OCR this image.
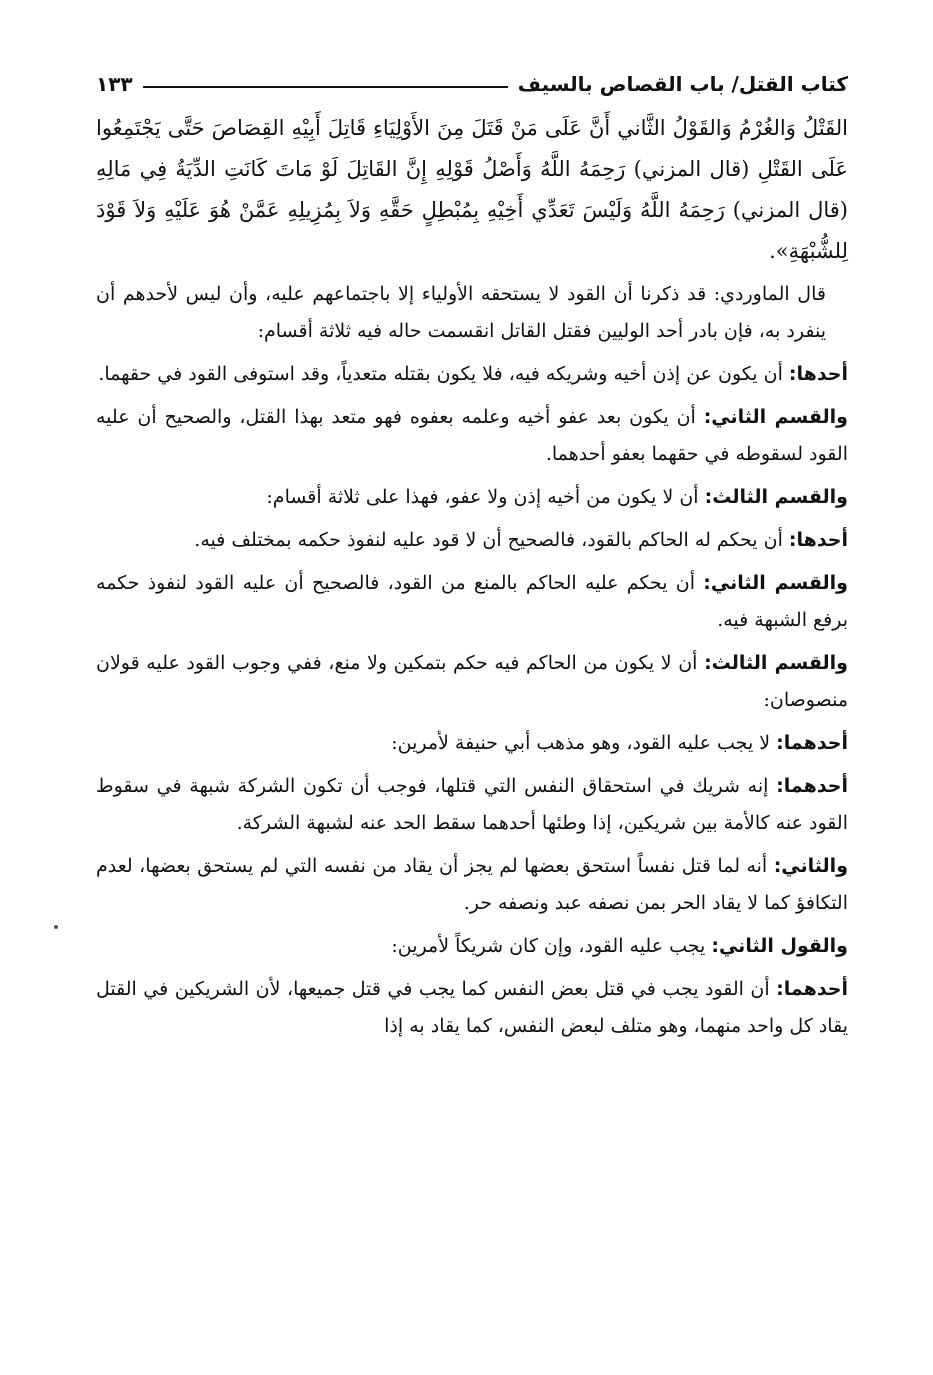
كتاب القتل/ باب القصاص بالسيف
١٣٣

القَتْلُ وَالغُرْمُ وَالقَوْلُ الثَّاني أَنَّ عَلَى مَنْ قَتَلَ مِنَ الأَوْلِيَاءِ قَاتِلَ أَبِيْهِ القِصَاصَ حَتَّى يَجْتَمِعُوا عَلَى القَتْلِ (قال المزني) رَحِمَهُ اللَّهُ وَأَصْلُ قَوْلِهِ إِنَّ القَاتِلَ لَوْ مَاتَ كَانَتِ الدِّيَةُ فِي مَالِهِ (قال المزني) رَحِمَهُ اللَّهُ وَلَيْسَ تَعَدِّي أَخِيْهِ بِمُبْطِلٍ حَقَّهِ وَلاَ بِمُزِيلِهِ عَمَّنْ هُوَ عَلَيْهِ وَلاَ قَوْدَ لِلشُّبْهَةِ».

قال الماوردي: قد ذكرنا أن القود لا يستحقه الأولياء إلا باجتماعهم عليه، وأن ليس لأحدهم أن ينفرد به، فإن بادر أحد الوليين فقتل القاتل انقسمت حاله فيه ثلاثة أقسام:

أحدها: أن يكون عن إذن أخيه وشريكه فيه، فلا يكون بقتله متعدياً، وقد استوفى القود في حقهما.

والقسم الثاني: أن يكون بعد عفو أخيه وعلمه بعفوه فهو متعد بهذا القتل، والصحيح أن عليه القود لسقوطه في حقهما بعفو أحدهما.

والقسم الثالث: أن لا يكون من أخيه إذن ولا عفو، فهذا على ثلاثة أقسام:

أحدها: أن يحكم له الحاكم بالقود، فالصحيح أن لا قود عليه لنفوذ حكمه بمختلف فيه.

والقسم الثاني: أن يحكم عليه الحاكم بالمنع من القود، فالصحيح أن عليه القود لنفوذ حكمه برفع الشبهة فيه.

والقسم الثالث: أن لا يكون من الحاكم فيه حكم بتمكين ولا منع، ففي وجوب القود عليه قولان منصوصان:

أحدهما: لا يجب عليه القود، وهو مذهب أبي حنيفة لأمرين:

أحدهما: إنه شريك في استحقاق النفس التي قتلها، فوجب أن تكون الشركة شبهة في سقوط القود عنه كالأمة بين شريكين، إذا وطئها أحدهما سقط الحد عنه لشبهة الشركة.

والثاني: أنه لما قتل نفساً استحق بعضها لم يجز أن يقاد من نفسه التي لم يستحق بعضها، لعدم التكافؤ كما لا يقاد الحر بمن نصفه عبد ونصفه حر.

والقول الثاني: يجب عليه القود، وإن كان شريكاً لأمرين:

أحدهما: أن القود يجب في قتل بعض النفس كما يجب في قتل جميعها، لأن الشريكين في القتل يقاد كل واحد منهما، وهو متلف لبعض النفس، كما يقاد به إذا
